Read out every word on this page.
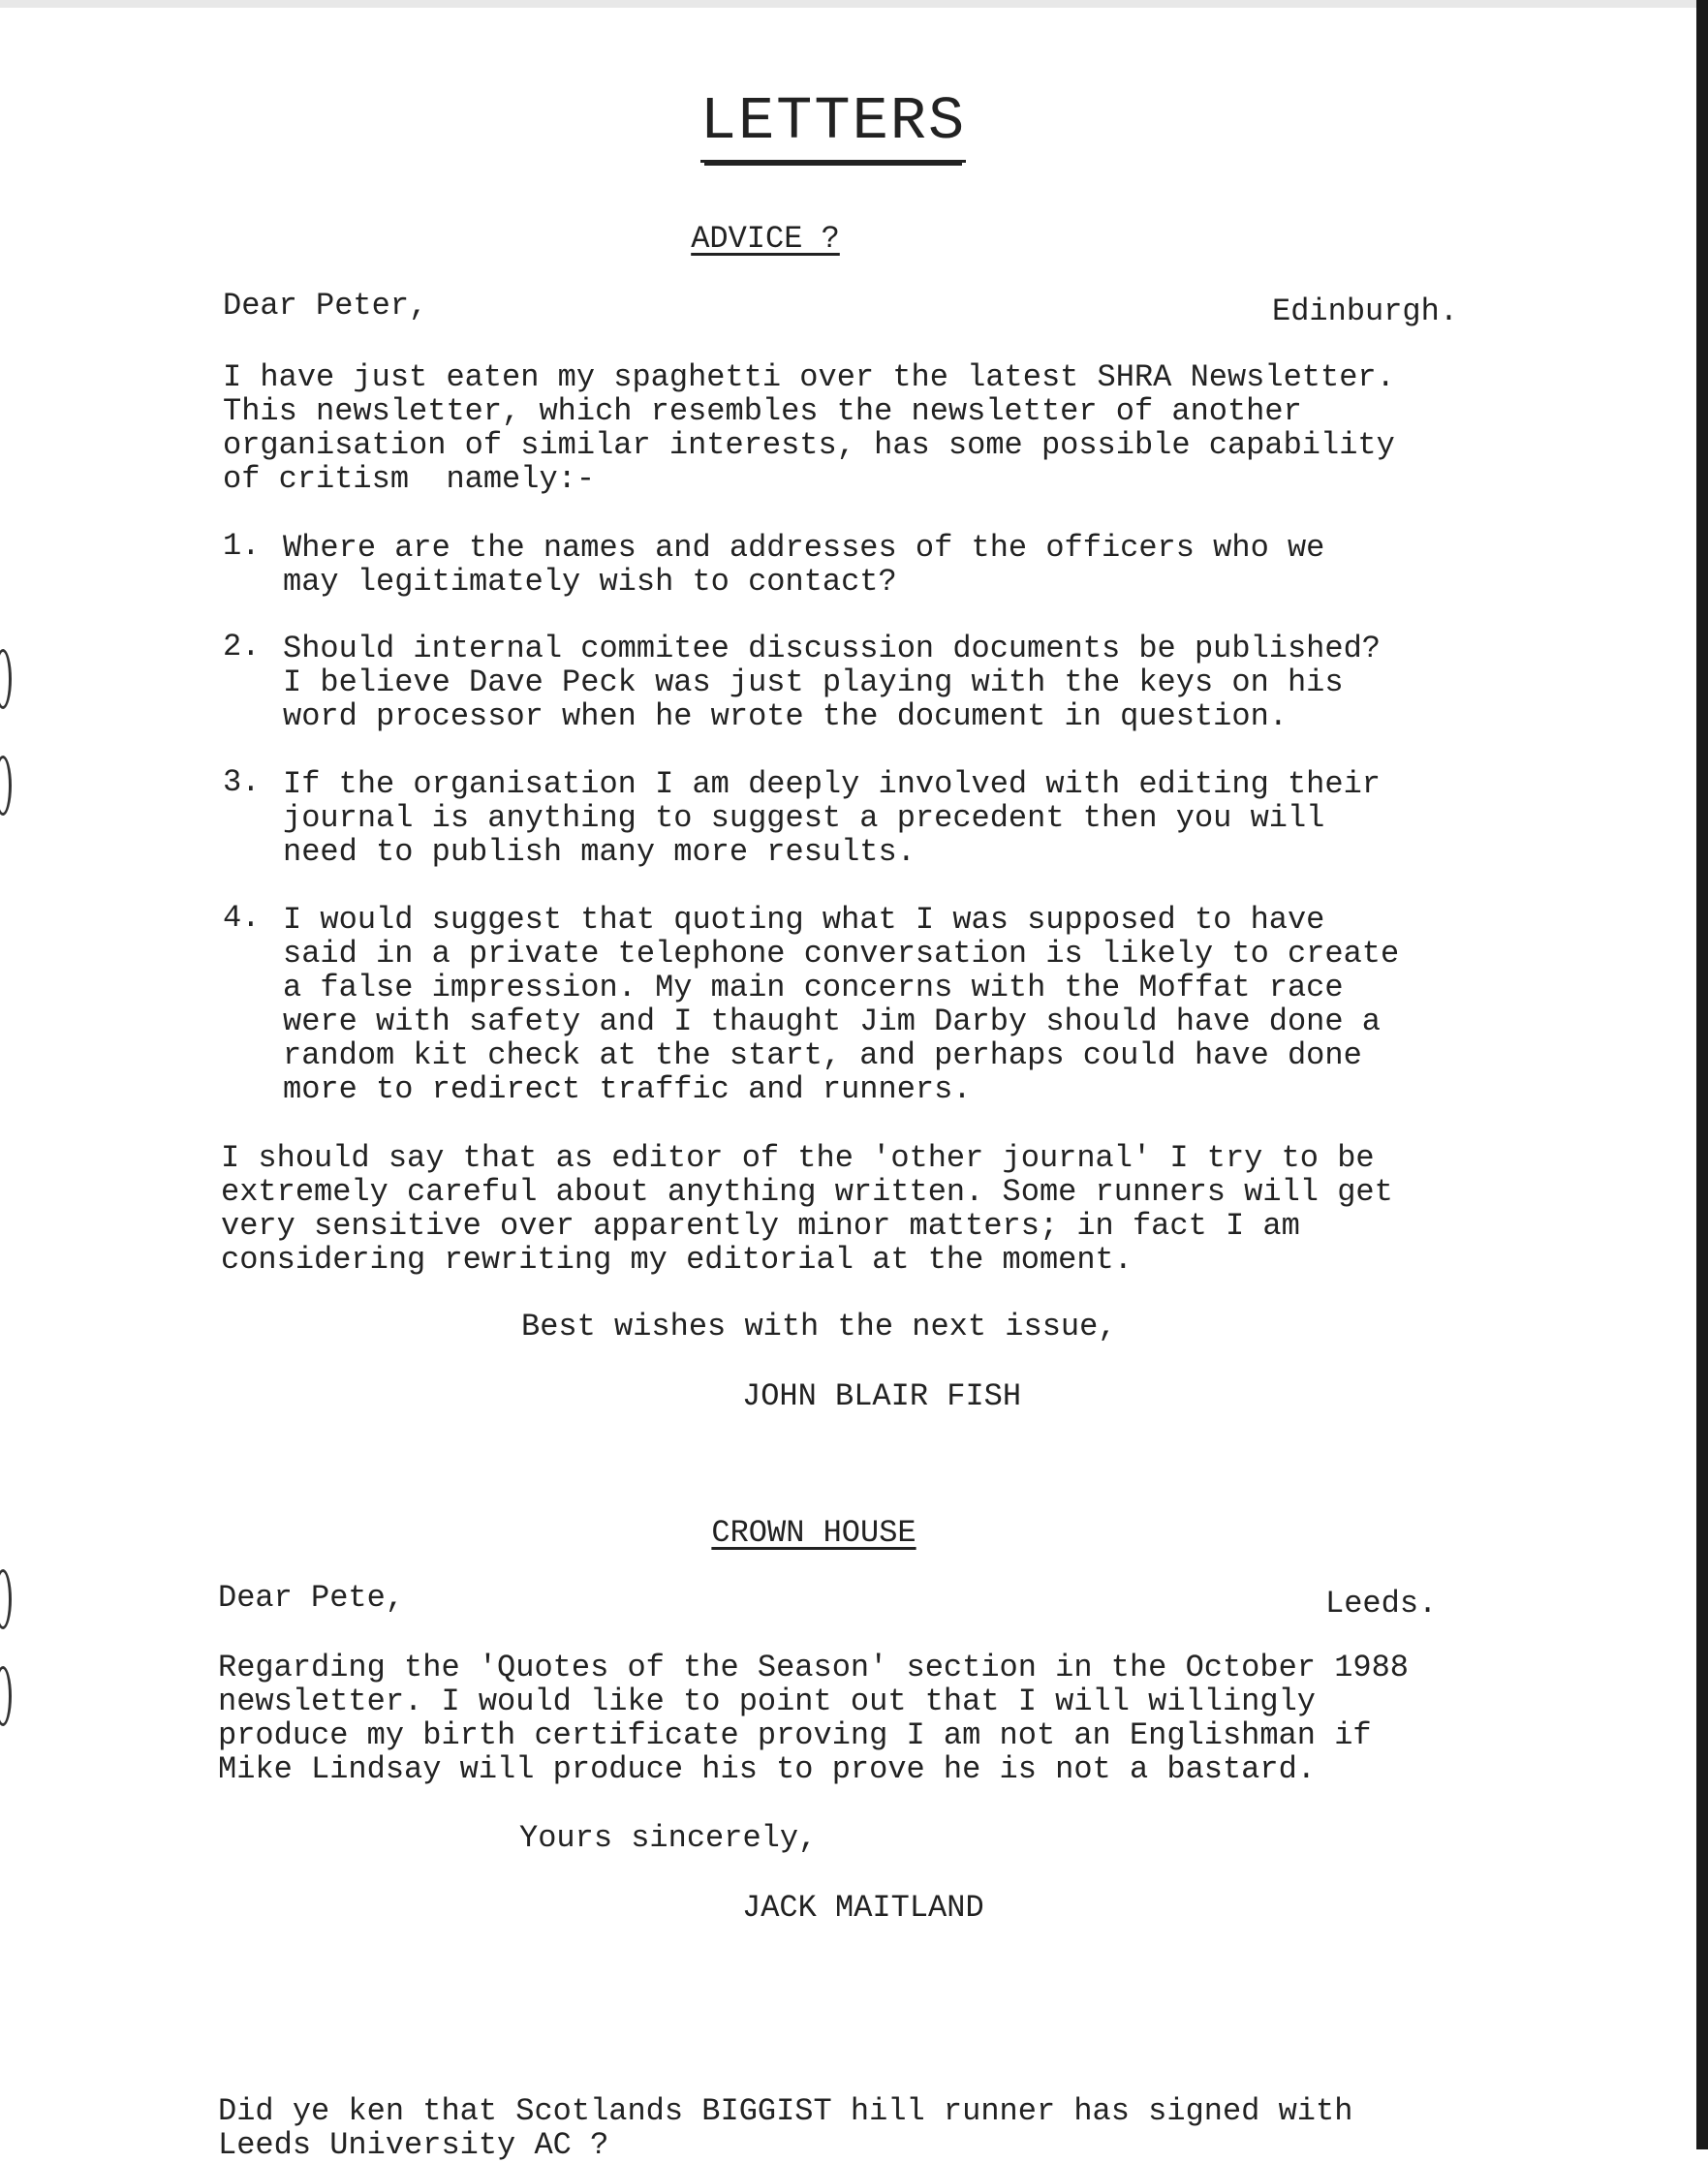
LETTERS
ADVICE ?
Dear Peter,	Edinburgh.
I have just eaten my spaghetti over the latest SHRA Newsletter.
This newsletter, which resembles the newsletter of another
organisation of similar interests, has some possible capability
of critism  namely:-
1. Where are the names and addresses of the officers who we
may legitimately wish to contact?
2. Should internal commitee discussion documents be published?
I believe Dave Peck was just playing with the keys on his
word processor when he wrote the document in question.
3. If the organisation I am deeply involved with editing their
journal is anything to suggest a precedent then you will
need to publish many more results.
4. I would suggest that quoting what I was supposed to have
said in a private telephone conversation is likely to create
a false impression. My main concerns with the Moffat race
were with safety and I thaught Jim Darby should have done a
random kit check at the start, and perhaps could have done
more to redirect traffic and runners.
I should say that as editor of the 'other journal' I try to be
extremely careful about anything written. Some runners will get
very sensitive over apparently minor matters; in fact I am
considering rewriting my editorial at the moment.
Best wishes with the next issue,
JOHN BLAIR FISH
CROWN HOUSE
Dear Pete,	Leeds.
Regarding the 'Quotes of the Season' section in the October 1988
newsletter. I would like to point out that I will willingly
produce my birth certificate proving I am not an Englishman if
Mike Lindsay will produce his to prove he is not a bastard.
Yours sincerely,
JACK MAITLAND
Did ye ken that Scotlands BIGGIST hill runner has signed with
Leeds University AC ?
